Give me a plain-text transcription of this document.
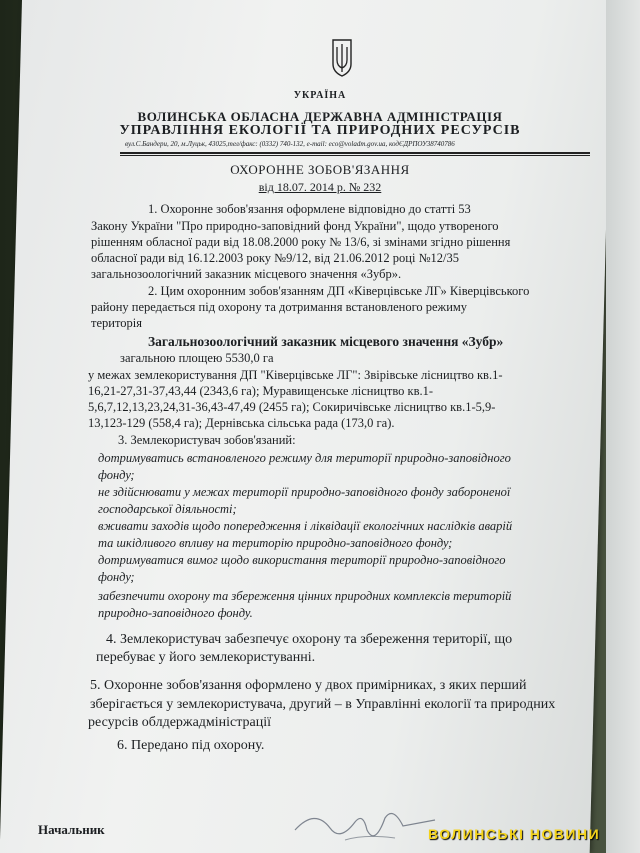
УКРАЇНА
ВОЛИНСЬКА ОБЛАСНА ДЕРЖАВНА АДМІНІСТРАЦІЯ
УПРАВЛІННЯ ЕКОЛОГІЇ ТА ПРИРОДНИХ РЕСУРСІВ
вул.С.Бандери, 20, м.Луцьк, 43025,тел/факс: (0332) 740-132, e-mail: eco@voladm.gov.ua, кодЄДРПОУ38740786
ОХОРОННЕ ЗОБОВ'ЯЗАННЯ
від 18.07. 2014 р. № 232
1. Охоронне зобов'язання оформлене відповідно до статті 53
Закону України "Про природно-заповідний фонд України", щодо утвореного
рішенням обласної ради від 18.08.2000 року № 13/6, зі змінами згідно рішення
обласної ради від 16.12.2003 року №9/12, від 21.06.2012 році №12/35
загальнозоологічний заказник місцевого значення «Зубр».
2. Цим охоронним зобов'язанням ДП «Ківерцівське ЛГ» Ківерцівського
району передається під охорону та дотримання встановленого режиму
територія
Загальнозоологічний заказник місцевого значення «Зубр»
загальною площею 5530,0 га
у межах землекористування ДП "Ківерцівське ЛГ": Звірівське лісництво кв.1-
16,21-27,31-37,43,44 (2343,6 га); Муравищенське лісництво кв.1-
5,6,7,12,13,23,24,31-36,43-47,49 (2455 га); Сокиричівське лісництво кв.1-5,9-
13,123-129 (558,4 га); Дернівська сільська рада (173,0 га).
3. Землекористувач зобов'язаний:
дотримуватись встановленого режиму для території природно-заповідного
фонду;
не здійснювати у межах території природно-заповідного фонду забороненої
господарської діяльності;
вживати заходів щодо попередження і ліквідації екологічних наслідків аварій
та шкідливого впливу на територію природно-заповідного фонду;
дотримуватися вимог щодо використання території природно-заповідного
фонду;
забезпечити охорону та збереження цінних природних комплексів територій
природно-заповідного фонду.
4. Землекористувач забезпечує охорону та збереження території, що
перебуває у його землекористуванні.
5. Охоронне зобов'язання оформлено у двох примірниках, з яких перший
зберігається у землекористувача, другий – в Управлінні екології та природних
ресурсів облдержадміністрації
6. Передано під охорону.
Начальник	ВОЛИНСЬКІ НОВИНИ
